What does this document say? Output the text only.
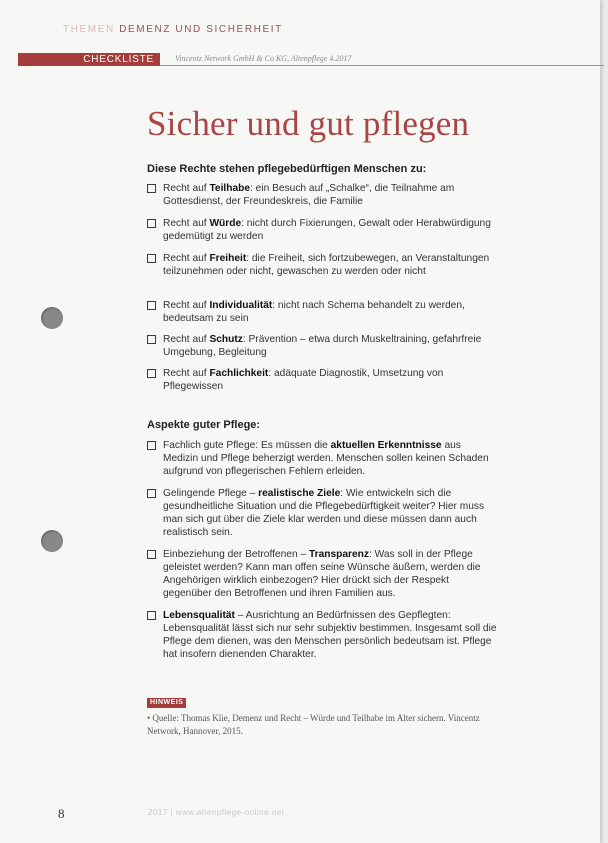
THEMEN DEMENZ UND SICHERHEIT
CHECKLISTE	Vincentz Network GmbH & Co KG, Altenpflege 4.2017
Sicher und gut pflegen
Diese Rechte stehen pflegebedürftigen Menschen zu:
Recht auf Teilhabe: ein Besuch auf „Schalke“, die Teilnahme am Gottesdienst, der Freundeskreis, die Familie
Recht auf Würde: nicht durch Fixierungen, Gewalt oder Herabwürdigung gedemütigt zu werden
Recht auf Freiheit: die Freiheit, sich fortzubewegen, an Veranstaltungen teilzunehmen oder nicht, gewaschen zu werden oder nicht
Recht auf Individualität: nicht nach Schema behandelt zu werden, bedeutsam zu sein
Recht auf Schutz: Prävention – etwa durch Muskeltraining, gefahrfreie Umgebung, Begleitung
Recht auf Fachlichkeit: adäquate Diagnostik, Umsetzung von Pflegewissen
Aspekte guter Pflege:
Fachlich gute Pflege: Es müssen die aktuellen Erkenntnisse aus Medizin und Pflege beherzigt werden. Menschen sollen keinen Schaden aufgrund von pflegerischen Fehlern erleiden.
Gelingende Pflege – realistische Ziele: Wie entwickeln sich die gesundheitliche Situation und die Pflegebedürftigkeit weiter? Hier muss man sich gut über die Ziele klar werden und diese müssen dann auch realistisch sein.
Einbeziehung der Betroffenen – Transparenz: Was soll in der Pflege geleistet werden? Kann man offen seine Wünsche äußern, werden die Angehörigen wirklich einbezogen? Hier drückt sich der Respekt gegenüber den Betroffenen und ihren Familien aus.
Lebensqualität – Ausrichtung an Bedürfnissen des Gepflegten: Lebensqualität lässt sich nur sehr subjektiv bestimmen. Insgesamt soll die Pflege dem dienen, was den Menschen persönlich bedeutsam ist. Pflege hat insofern dienenden Charakter.
HINWEIS
• Quelle: Thomas Klie, Demenz und Recht – Würde und Teilhabe im Alter sichern. Vincentz Network, Hannover, 2015.
8	2017 | www.altenpflege-online.net
